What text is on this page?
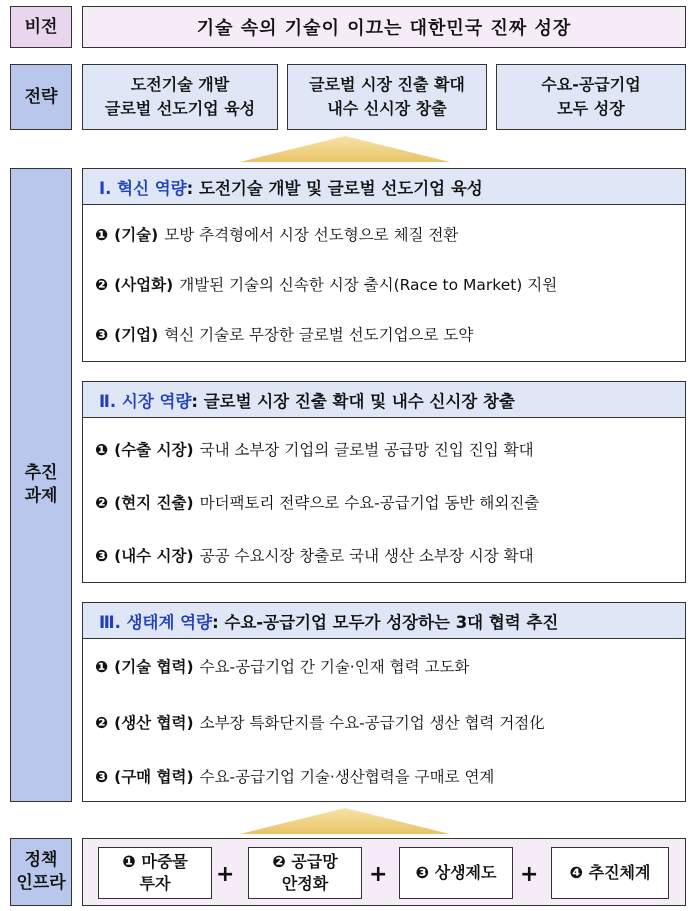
비전	기술 속의 기술이 이끄는 대한민국 진짜 성장
전략
도전기술 개발
글로벌 선도기업 육성
글로벌 시장 진출 확대
내수 신시장 창출
수요-공급기업
모두 성장
추진
과제
Ⅰ. 혁신 역량 : 도전기술 개발 및 글로벌 선도기업 육성
❶ (기술) 모방 추격형에서 시장 선도형으로 체질 전환
❷ (사업화) 개발된 기술의 신속한 시장 출시(Race to Market) 지원
❸ (기업) 혁신 기술로 무장한 글로벌 선도기업으로 도약
Ⅱ. 시장 역량 : 글로벌 시장 진출 확대 및 내수 신시장 창출
❶ (수출 시장) 국내 소부장 기업의 글로벌 공급망 진입 진입 확대
❷ (현지 진출) 마더팩토리 전략으로 수요-공급기업 동반 해외진출
❸ (내수 시장) 공공 수요시장 창출로 국내 생산 소부장 시장 확대
Ⅲ. 생태계 역량 : 수요-공급기업 모두가 성장하는 3대 협력 추진
❶ (기술 협력) 수요-공급기업 간 기술·인재 협력 고도화
❷ (생산 협력) 소부장 특화단지를 수요-공급기업 생산 협력 거점化
❸ (구매 협력) 수요-공급기업 기술·생산협력을 구매로 연계
정책
인프라
❶ 마중물
투자	+
❷ 공급망
안정화	+ ❸ 상생제도 + ❹ 추진체계
